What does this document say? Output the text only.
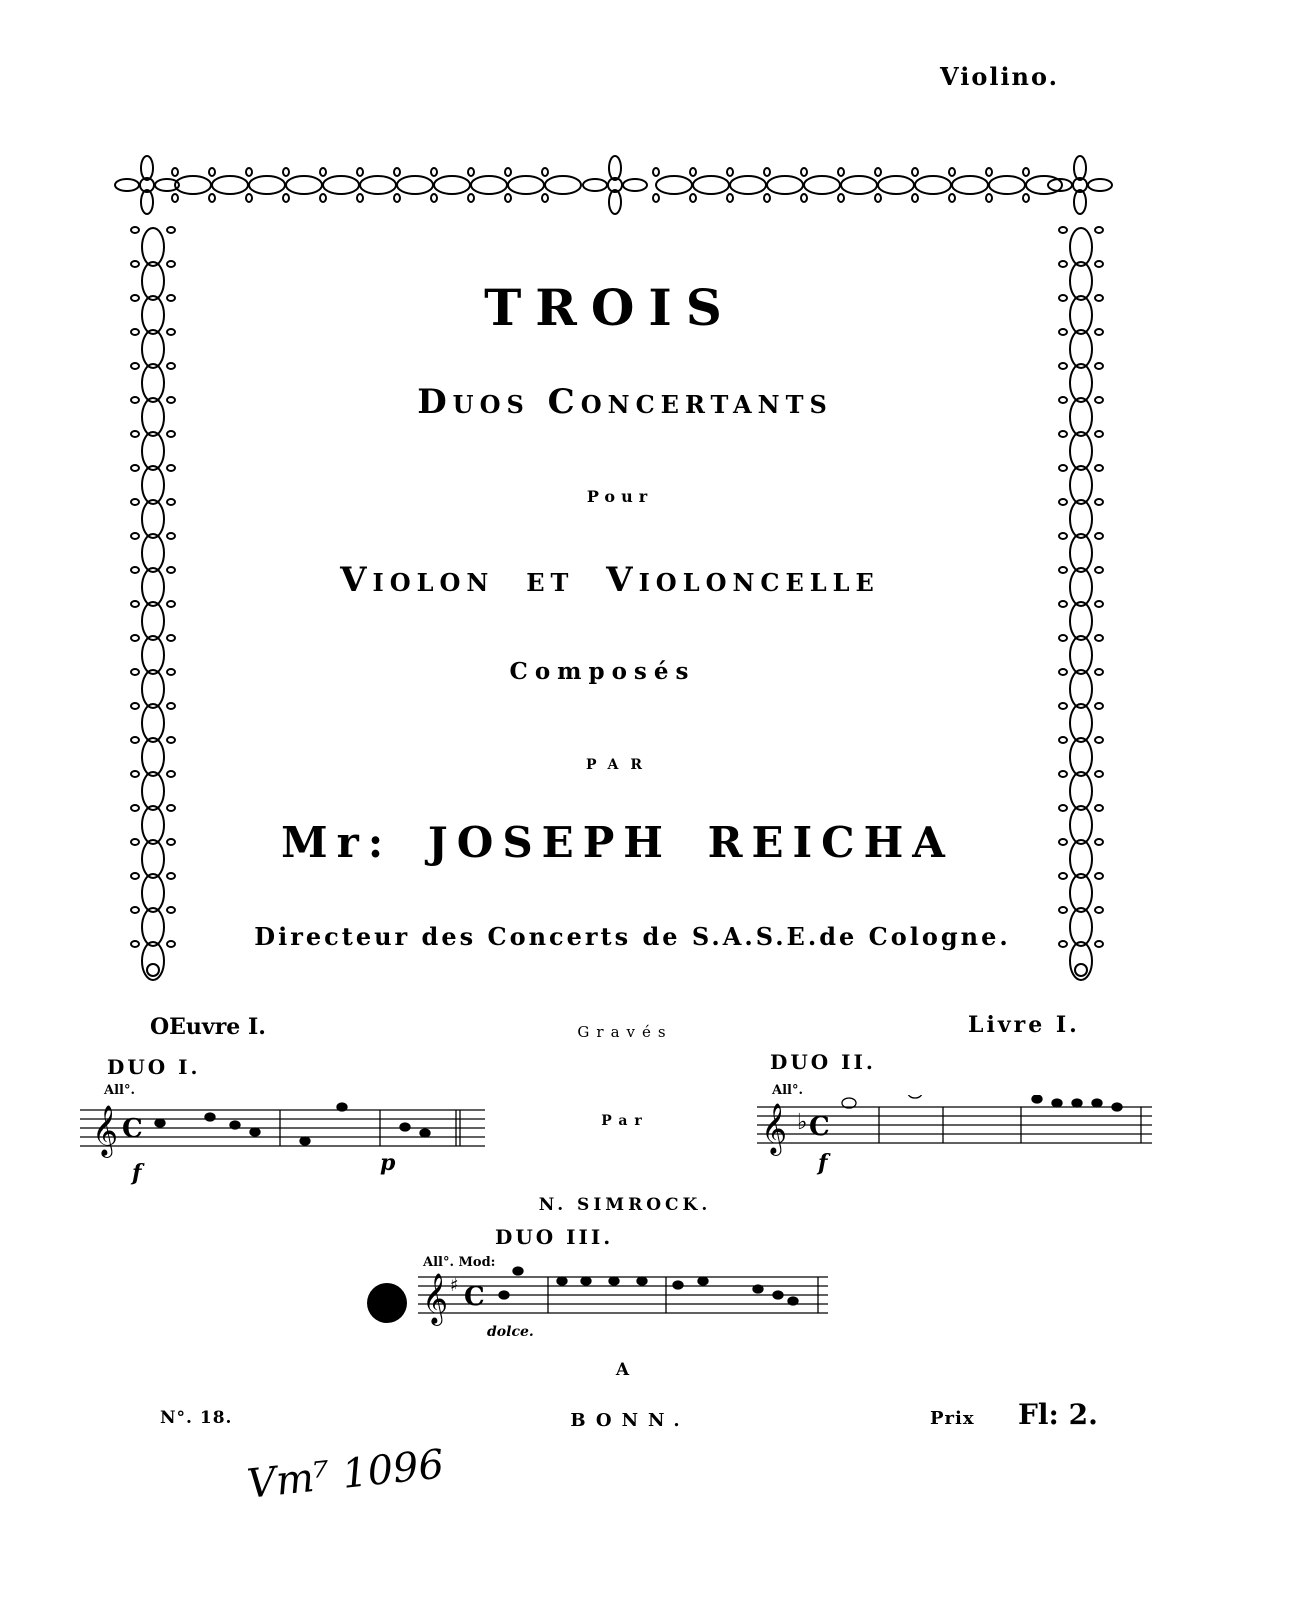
Violino.
TROIS
Duos Concertants
Pour
Violon et Violoncelle
Composés
PAR
Mr: JOSEPH REICHA
Directeur des Concerts de S.A.S.E.de Cologne.
OEuvre I.	Gravés	Livre I.
Par
N. SIMROCK.
DUO I.
All°.
𝄞 C
f	p
DUO II.
All°.
𝄞 ♭ C
f
DUO III.
All°. Mod:
𝄞 ♯ C
dolce.
A
N°. 18.	BONN.	Prix Fl: 2.
Vm⁷ 1096
